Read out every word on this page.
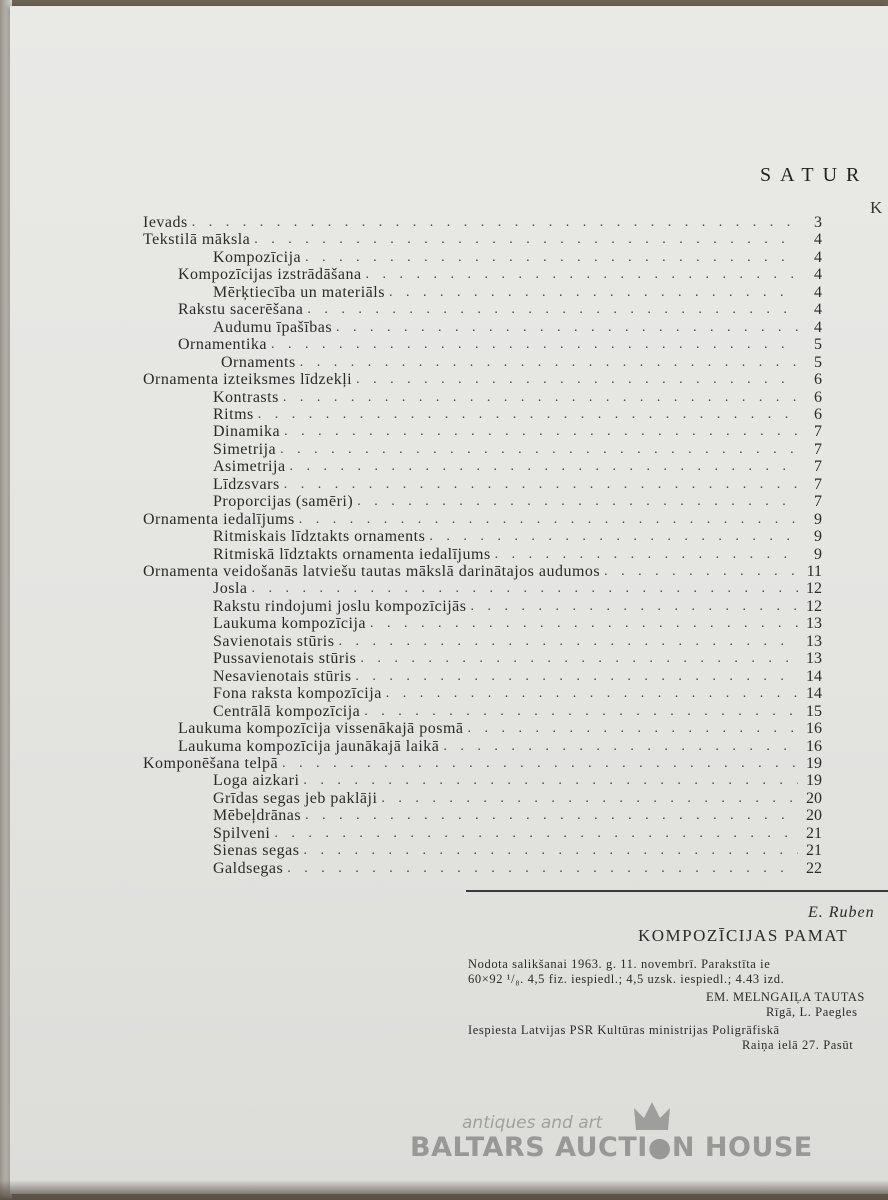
SATUR
K
Ievads . . .	3
Tekstilā māksla . . .	4
Kompozīcija . . .	4
Kompozīcijas izstrādāšana . . .	4
Mērķtiecība un materiāls . . .	4
Rakstu sacerēšana . . .	4
Audumu īpašības . . .	4
Ornamentika . . .	5
Ornaments . . .	5
Ornamenta izteiksmes līdzekļi . . .	6
Kontrasts . . .	6
Ritms . . .	6
Dinamika . . .	7
Simetrija . . .	7
Asimetrija . . .	7
Līdzsvars . . .	7
Proporcijas (samēri) . . .	7
Ornamenta iedalījums . . .	9
Ritmiskais līdztakts ornaments . . .	9
Ritmiskā līdztakts ornamenta iedalījums . . .	9
Ornamenta veidošanās latviešu tautas mākslā darinātajos audumos . . .	11
Josla . . .	12
Rakstu rindojumi joslu kompozīcijās . . .	12
Laukuma kompozīcija . . .	13
Savienotais stūris . . .	13
Pussavienotais stūris . . .	13
Nesavienotais stūris . . .	14
Fona raksta kompozīcija . . .	14
Centrālā kompozīcija . . .	15
Laukuma kompozīcija vissenākajā posmā . . .	16
Laukuma kompozīcija jaunākajā laikā . . .	16
Komponēšana telpā . . .	19
Loga aizkari . . .	19
Grīdas segas jeb paklāji . . .	20
Mēbeļdrānas . . .	20
Spilveni . . .	21
Sienas segas . . .	21
Galdsegas . . .	22
E. Ruben
KOMPOZĪCIJAS PAMAT
Nodota salikšanai 1963. g. 11. novembrī. Parakstīta ie
60×92 ¹/₈. 4,5 fiz. iespiedl.; 4,5 uzsk. iespiedl.; 4.43 izd.
EM. MELNGAIĻA TAUTAS
Rīgā, L. Paegles
Iespiesta Latvijas PSR Kultūras ministrijas Poligrāfiskā
Raiņa ielā 27. Pasūt
antiques and art
BALTARS AUCTI●N HOUSE
